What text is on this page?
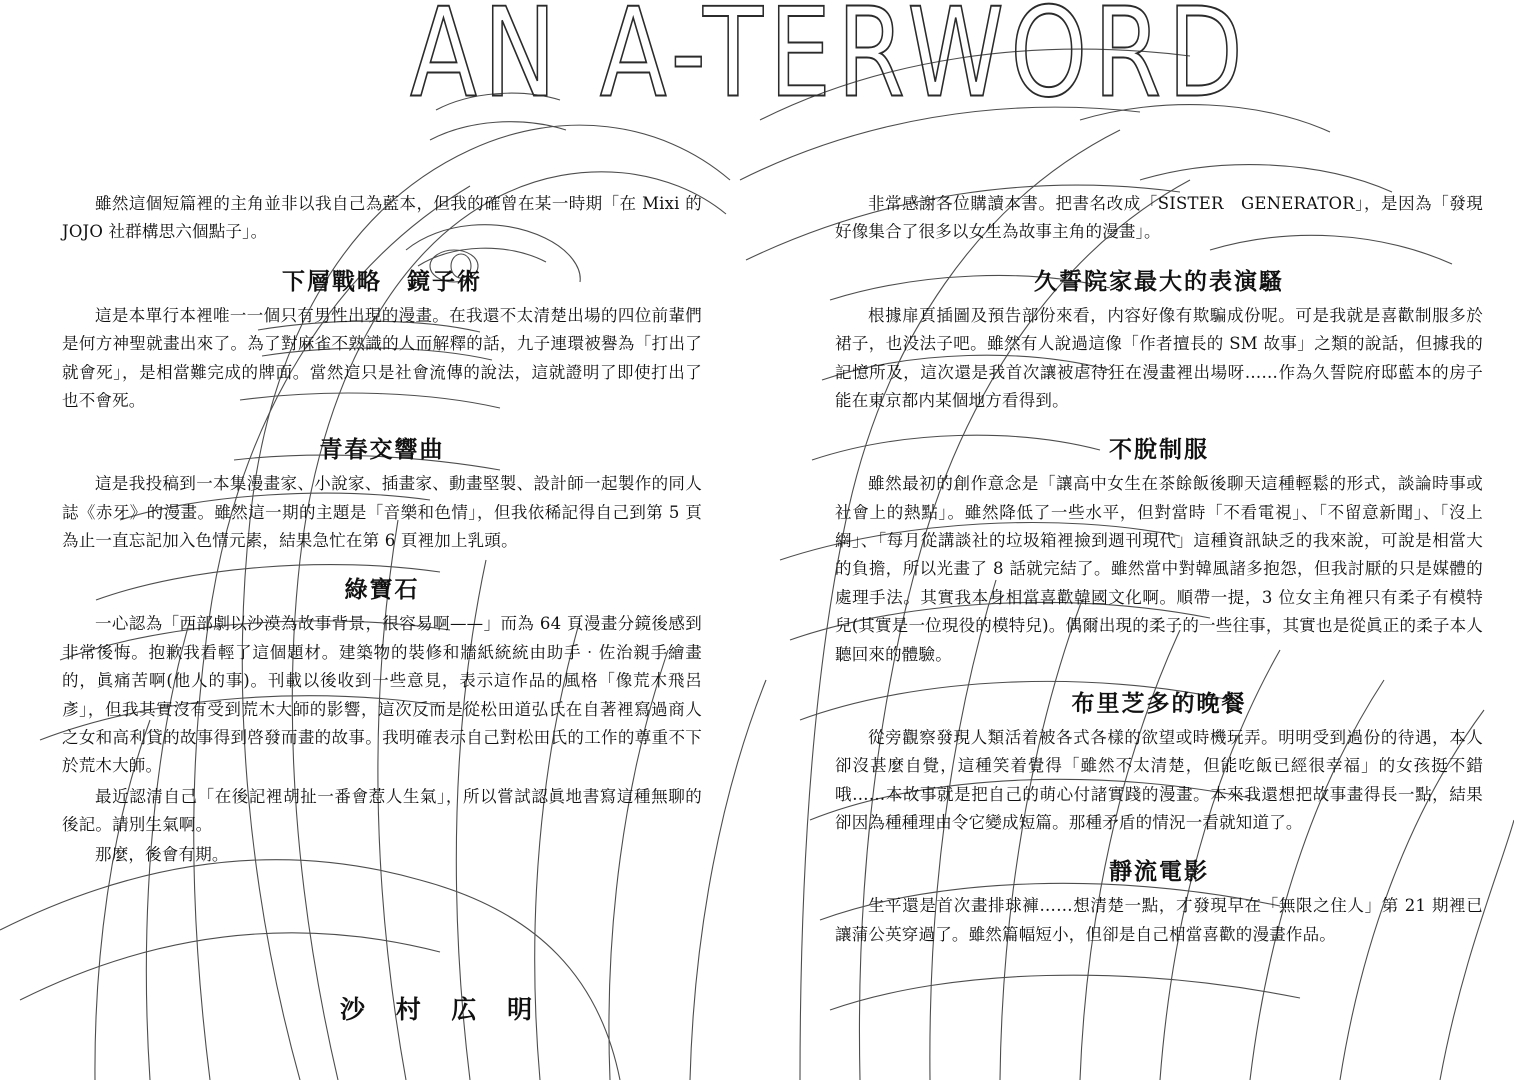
AN A-TERWORD

雖然這個短篇裡的主角並非以我自己為藍本，但我的確曾在某一時期「在 Mixi 的 JOJO 社群構思六個點子」。

下層戰略　鏡子術

這是本單行本裡唯一一個只有男性出現的漫畫。在我還不太清楚出場的四位前輩們是何方神聖就畫出來了。為了對麻雀不熟識的人而解釋的話，九子連環被譽為「打出了就會死」，是相當難完成的牌面。當然這只是社會流傳的說法，這就證明了即使打出了也不會死。

青春交響曲

這是我投稿到一本集漫畫家、小說家、插畫家、動畫堅製、設計師一起製作的同人誌《赤牙》的漫畫。雖然這一期的主題是「音樂和色情」，但我依稀記得自己到第 5 頁為止一直忘記加入色情元素，結果急忙在第 6 頁裡加上乳頭。

綠寶石

一心認為「西部劇以沙漠為故事背景，很容易啊——」而為 64 頁漫畫分鏡後感到非常後悔。抱歉我看輕了這個題材。建築物的裝修和牆紙統統由助手‧佐治親手繪畫的，眞痛苦啊(他人的事)。刊載以後收到一些意見，表示這作品的風格「像荒木飛呂彥」，但我其實沒有受到荒木大師的影響，這次反而是從松田道弘氏在自著裡寫過商人之女和高利貸的故事得到啓發而畫的故事。我明確表示自己對松田氏的工作的尊重不下於荒木大師。

最近認清自己「在後記裡胡扯一番會惹人生氣」，所以嘗試認眞地書寫這種無聊的後記。請別生氣啊。

那麼，後會有期。

沙 村 広 明

非常感謝各位購讀本書。把書名改成「SISTER　GENERATOR」，是因為「發現好像集合了很多以女生為故事主角的漫畫」。

久誓院家最大的表演騷

根據扉頁插圖及預告部份來看，内容好像有欺騙成份呢。可是我就是喜歡制服多於裙子，也没法子吧。雖然有人說過這像「作者擅長的 SM 故事」之類的說話，但據我的記憶所及，這次還是我首次讓被虐待狂在漫畫裡出場呀……作為久誓院府邸藍本的房子能在東京都内某個地方看得到。

不脫制服

雖然最初的創作意念是「讓高中女生在茶餘飯後聊天這種輕鬆的形式，談論時事或社會上的熱點」。雖然降低了一些水平，但對當時「不看電視」、「不留意新聞」、「沒上網」、「每月從講談社的垃圾箱裡撿到週刊現代」這種資訊缺乏的我來說，可說是相當大的負擔，所以光畫了 8 話就完結了。雖然當中對韓風諸多抱怨，但我討厭的只是媒體的處理手法。其實我本身相當喜歡韓國文化啊。順帶一提，3 位女主角裡只有柔子有模特兒(其實是一位現役的模特兒)。偶爾出現的柔子的一些往事，其實也是從眞正的柔子本人聽回來的體驗。

布里芝多的晚餐

從旁觀察發現人類活着被各式各樣的欲望或時機玩弄。明明受到過份的待遇，本人卻沒甚麼自覺，這種笑着覺得「雖然不太清楚，但能吃飯已經很幸福」的女孩挺不錯哦……本故事就是把自己的萌心付諸實踐的漫畫。本來我還想把故事畫得長一點，結果卻因為種種理由令它變成短篇。那種矛盾的情況一看就知道了。

靜流電影

生平還是首次畫排球褲……想清楚一點，才發現早在「無限之住人」第 21 期裡已讓蒲公英穿過了。雖然篇幅短小，但卻是自己相當喜歡的漫畫作品。
